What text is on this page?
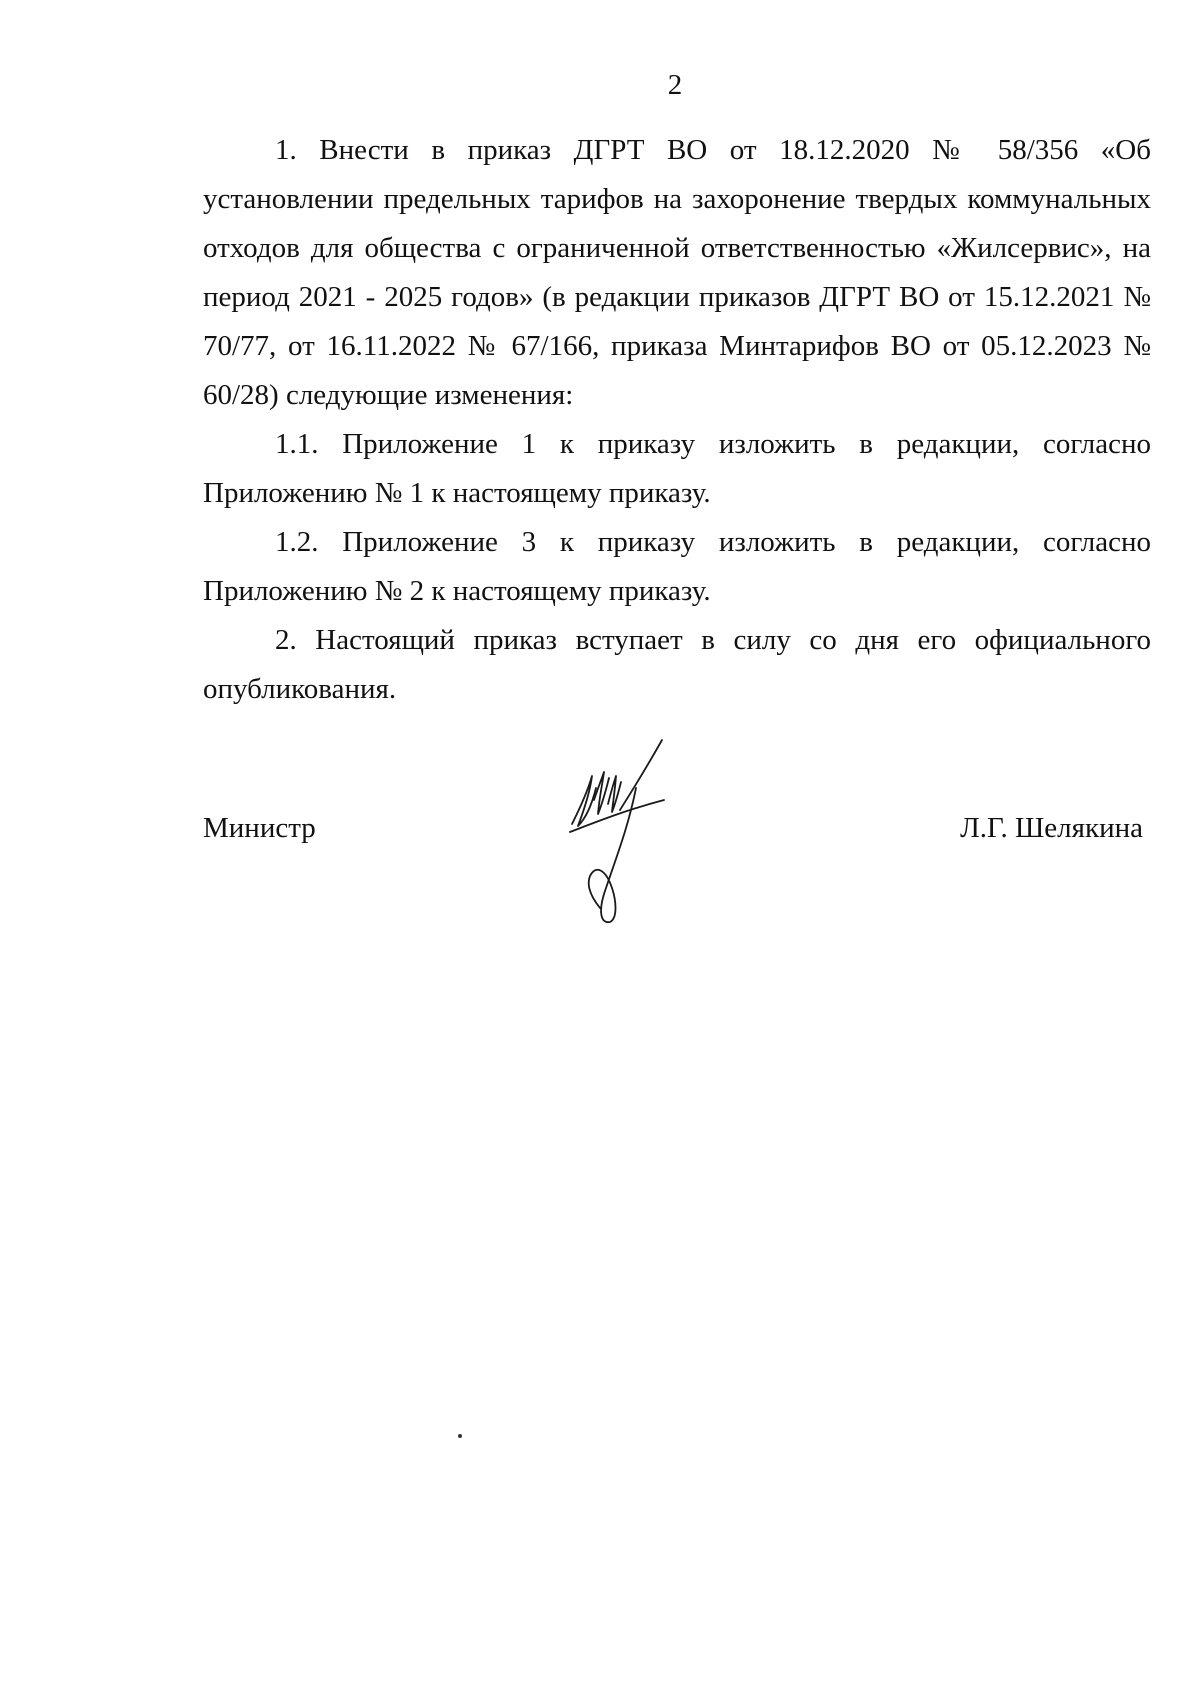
2

1. Внести в приказ ДГРТ ВО от 18.12.2020 № 58/356 «Об установлении предельных тарифов на захоронение твердых коммунальных отходов для общества с ограниченной ответственностью «Жилсервис», на период 2021 - 2025 годов» (в редакции приказов ДГРТ ВО от 15.12.2021 № 70/77, от 16.11.2022 № 67/166, приказа Минтарифов ВО от 05.12.2023 № 60/28) следующие изменения:

1.1. Приложение 1 к приказу изложить в редакции, согласно Приложению № 1 к настоящему приказу.

1.2. Приложение 3 к приказу изложить в редакции, согласно Приложению № 2 к настоящему приказу.

2. Настоящий приказ вступает в силу со дня его официального опубликования.

Министр	Л.Г. Шелякина
